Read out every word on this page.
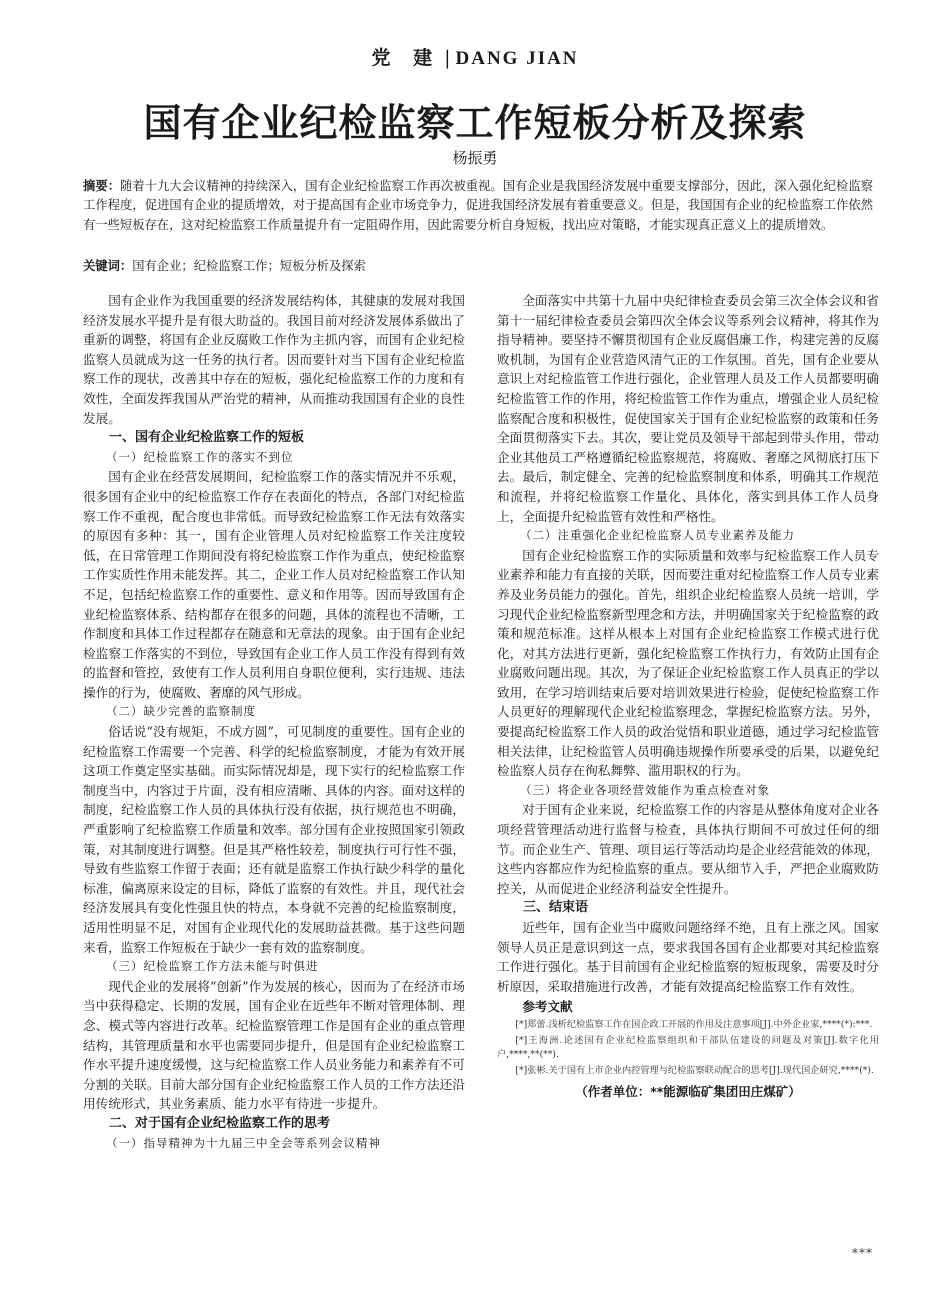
党 建 | DANG JIAN
国有企业纪检监察工作短板分析及探索
杨振勇
摘要：随着十九大会议精神的持续深入，国有企业纪检监察工作再次被重视。国有企业是我国经济发展中重要支撑部分，因此，深入强化纪检监察工作程度，促进国有企业的提质增效，对于提高国有企业市场竞争力，促进我国经济发展有着重要意义。但是，我国国有企业的纪检监察工作依然有一些短板存在，这对纪检监察工作质量提升有一定阻碍作用，因此需要分析自身短板，找出应对策略，才能实现真正意义上的提质增效。
关键词：国有企业；纪检监察工作；短板分析及探索

国有企业作为我国重要的经济发展结构体，其健康的发展对我国经济发展水平提升是有很大助益的。我国目前对经济发展体系做出了重新的调整，将国有企业反腐败工作作为主抓内容，而国有企业纪检监察人员就成为这一任务的执行者。因而要针对当下国有企业纪检监察工作的现状，改善其中存在的短板，强化纪检监察工作的力度和有效性，全面发挥我国从严治党的精神，从而推动我国国有企业的良性发展。

一、国有企业纪检监察工作的短板
（一）纪检监察工作的落实不到位

国有企业在经营发展期间，纪检监察工作的落实情况并不乐观，很多国有企业中的纪检监察工作存在表面化的特点，各部门对纪检监察工作不重视，配合度也非常低。而导致纪检监察工作无法有效落实的原因有多种：其一，国有企业管理人员对纪检监察工作关注度较低，在日常管理工作期间没有将纪检监察工作作为重点，使纪检监察工作实质性作用未能发挥。其二，企业工作人员对纪检监察工作认知不足，包括纪检监察工作的重要性、意义和作用等。因而导致国有企业纪检监察体系、结构都存在很多的问题，具体的流程也不清晰，工作制度和具体工作过程都存在随意和无章法的现象。由于国有企业纪检监察工作落实的不到位，导致国有企业工作人员工作没有得到有效的监督和管控，致使有工作人员利用自身职位便利，实行违规、违法操作的行为，使腐败、奢靡的风气形成。

（二）缺少完善的监察制度

俗话说“没有规矩，不成方圆”，可见制度的重要性。国有企业的纪检监察工作需要一个完善、科学的纪检监察制度，才能为有效开展这项工作奠定坚实基础。而实际情况却是，现下实行的纪检监察工作制度当中，内容过于片面，没有相应清晰、具体的内容。面对这样的制度，纪检监察工作人员的具体执行没有依据，执行规范也不明确，严重影响了纪检监察工作质量和效率。部分国有企业按照国家引领政策，对其制度进行调整。但是其严格性较差，制度执行可行性不强，导致有些监察工作留于表面；还有就是监察工作执行缺少科学的量化标准，偏离原来设定的目标，降低了监察的有效性。并且，现代社会经济发展具有变化性强且快的特点，本身就不完善的纪检监察制度，适用性明显不足，对国有企业现代化的发展助益甚微。基于这些问题来看，监察工作短板在于缺少一套有效的监察制度。

（三）纪检监察工作方法未能与时俱进

现代企业的发展将“创新”作为发展的核心，因而为了在经济市场当中获得稳定、长期的发展，国有企业在近些年不断对管理体制、理念、模式等内容进行改革。纪检监察管理工作是国有企业的重点管理结构，其管理质量和水平也需要同步提升，但是国有企业纪检监察工作水平提升速度缓慢，这与纪检监察工作人员业务能力和素养有不可分割的关联。目前大部分国有企业纪检监察工作人员的工作方法还沿用传统形式，其业务素质、能力水平有待进一步提升。

二、对于国有企业纪检监察工作的思考
（一）指导精神为十九届三中全会等系列会议精神

全面落实中共第十九届中央纪律检查委员会第三次全体会议和省第十一届纪律检查委员会第四次全体会议等系列会议精神，将其作为指导精神。要坚持不懈贯彻国有企业反腐倡廉工作，构建完善的反腐败机制，为国有企业营造风清气正的工作氛围。首先，国有企业要从意识上对纪检监管工作进行强化，企业管理人员及工作人员都要明确纪检监管工作的作用，将纪检监管工作作为重点，增强企业人员纪检监察配合度和积极性，促使国家关于国有企业纪检监察的政策和任务全面贯彻落实下去。其次，要让党员及领导干部起到带头作用，带动企业其他员工严格遵循纪检监察规范，将腐败、奢靡之风彻底打压下去。最后，制定健全、完善的纪检监察制度和体系，明确其工作规范和流程，并将纪检监察工作量化、具体化，落实到具体工作人员身上，全面提升纪检监管有效性和严格性。

（二）注重强化企业纪检监察人员专业素养及能力

国有企业纪检监察工作的实际质量和效率与纪检监察工作人员专业素养和能力有直接的关联，因而要注重对纪检监察工作人员专业素养及业务员能力的强化。首先，组织企业纪检监察人员统一培训，学习现代企业纪检监察新型理念和方法，并明确国家关于纪检监察的政策和规范标准。这样从根本上对国有企业纪检监察工作模式进行优化，对其方法进行更新，强化纪检监察工作执行力，有效防止国有企业腐败问题出现。其次，为了保证企业纪检监察工作人员真正的学以致用，在学习培训结束后要对培训效果进行检验，促使纪检监察工作人员更好的理解现代企业纪检监察理念，掌握纪检监察方法。另外，要提高纪检监察工作人员的政治觉悟和职业道德，通过学习纪检监管相关法律，让纪检监管人员明确违规操作所要承受的后果，以避免纪检监察人员存在徇私舞弊、滥用职权的行为。

（三）将企业各项经营效能作为重点检查对象

对于国有企业来说，纪检监察工作的内容是从整体角度对企业各项经营管理活动进行监督与检查，具体执行期间不可放过任何的细节。而企业生产、管理、项目运行等活动均是企业经营能效的体现，这些内容都应作为纪检监察的重点。要从细节入手，严把企业腐败防控关，从而促进企业经济利益安全性提升。

三、结束语

近些年，国有企业当中腐败问题络绎不绝，且有上涨之风。国家领导人员正是意识到这一点，要求我国各国有企业都要对其纪检监察工作进行强化。基于目前国有企业纪检监察的短板现象，需要及时分析原因，采取措施进行改善，才能有效提高纪检监察工作有效性。

参考文献
[*]郑蕾.浅析纪检监察工作在国企政工开展的作用及注意事项[J].中外企业家,****(*):***.
[*]王海洲.论述国有企业纪检监察组织和干部队伍建设的问题及对策[J].数字化用户,****,**(**).
[*]张彬.关于国有上市企业内控管理与纪检监察联动配合的思考[J].现代国企研究,****(*).
（作者单位：**能源临矿集团田庄煤矿）
***
